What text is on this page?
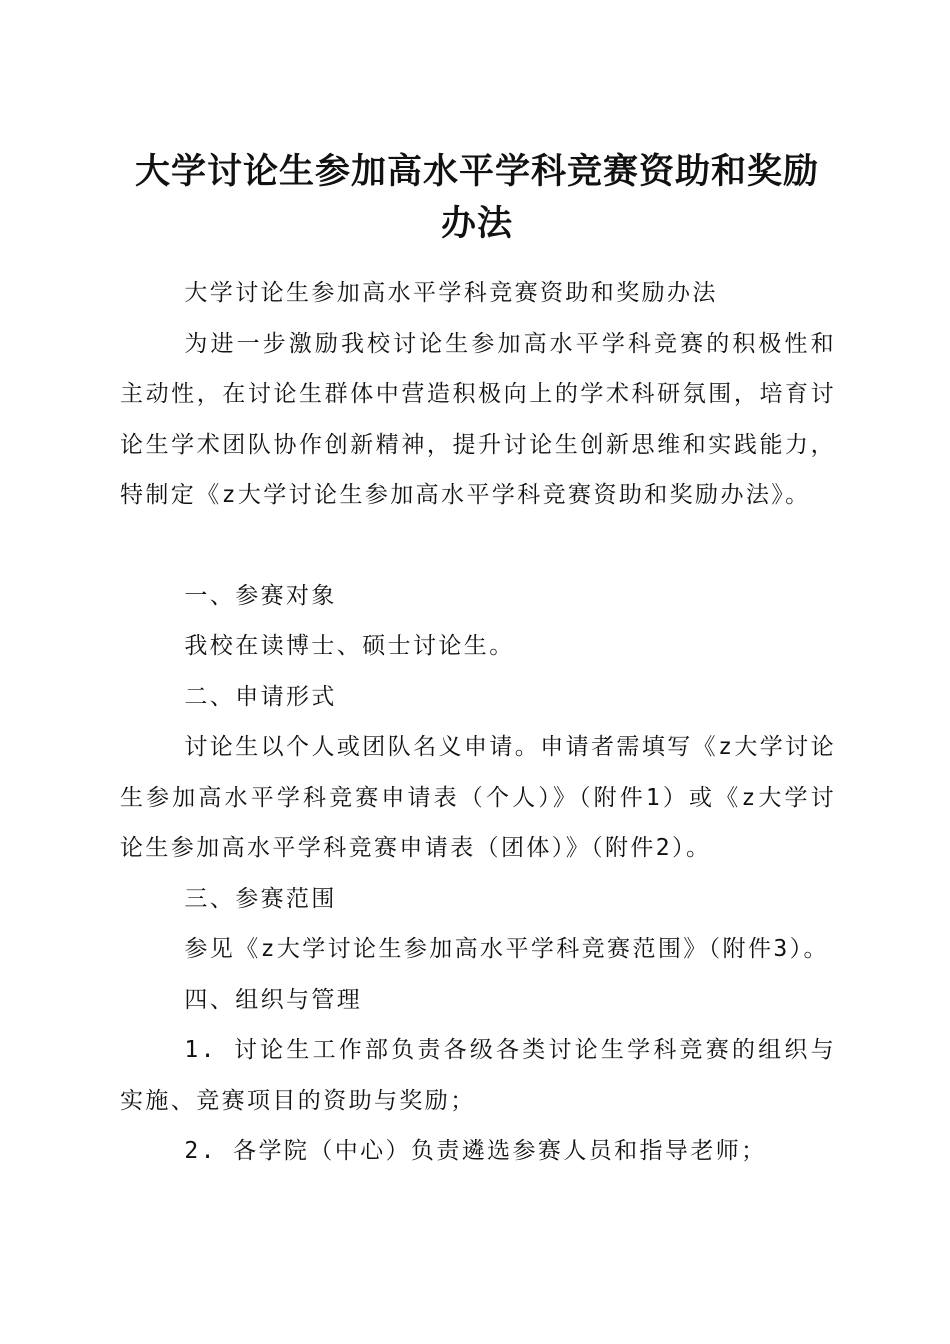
大学讨论生参加高水平学科竞赛资助和奖励办法

大学讨论生参加高水平学科竞赛资助和奖励办法

为进一步激励我校讨论生参加高水平学科竞赛的积极性和主动性，在讨论生群体中营造积极向上的学术科研氛围，培育讨论生学术团队协作创新精神，提升讨论生创新思维和实践能力，特制定《z大学讨论生参加高水平学科竞赛资助和奖励办法》。

一、参赛对象

我校在读博士、硕士讨论生。

二、申请形式

讨论生以个人或团队名义申请。申请者需填写《z大学讨论生参加高水平学科竞赛申请表（个人）》（附件1）或《z大学讨论生参加高水平学科竞赛申请表（团体）》（附件2）。

三、参赛范围

参见《z大学讨论生参加高水平学科竞赛范围》（附件3）。

四、组织与管理

1. 讨论生工作部负责各级各类讨论生学科竞赛的组织与实施、竞赛项目的资助与奖励；

2. 各学院（中心）负责遴选参赛人员和指导老师；
